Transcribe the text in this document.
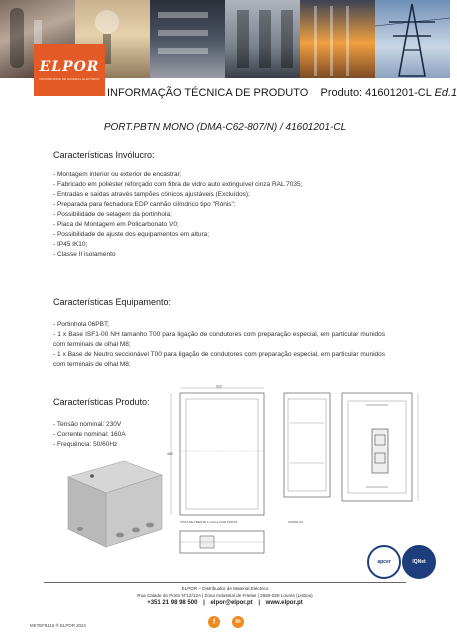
ELPOR
DISTRIBUIDOR DE MATERIAL ELÉCTRICO
INFORMAÇÃO TÉCNICA DE PRODUTO Produto: 41601201-CL Ed.1
PORT.PBTN MONO (DMA-C62-807/N) / 41601201-CL
Características Invólucro:
- Montagem interior ou exterior de encastrar;
- Fabricado em poliéster reforçado com fibra de vidro auto extinguível cinza RAL 7035;
- Entradas e saídas através tampões cónicos ajustáveis (Excluídos);
- Preparada para fechadura EDP canhão cilíndrico tipo "Rónis";
- Possibilidade de selagem da portinhola;
- Placa de Montagem em Policarbonato V0;
- Possibilidade de ajuste dos equipamentos em altura;
- IP45 IK10;
- Classe II isolamento
Características Equipamento:
- Portinhola 06PBT;
- 1 x Base ISF1-00 NH tamanho T00 para ligação de condutores com preparação especial, em particular munidos com terminais de olhal M8;
- 1 x Base de Neutro seccionável T00 para ligação de condutores com preparação especial, em particular munidos com terminais de olhal M8;
Características Produto:
- Tensão nominal: 230V
- Corrente nominal: 160A
- Frequência: 50/60Hz
312
460
VISTA DE FRENTE 1 Cortes COM PORTA	CORTE AA
apcer	IQNet
ELPOR – Distribuidor de Material Eléctrico
Rua Calade do Porto Nº12/12A | Zona Industrial de Frielas | 2660-026 Loures (Lisboa)
+351 21 98 98 500 | elpor@elpor.pt | www.elpor.pt
f	in
MKTEF8116 ® ELPOR 2024
